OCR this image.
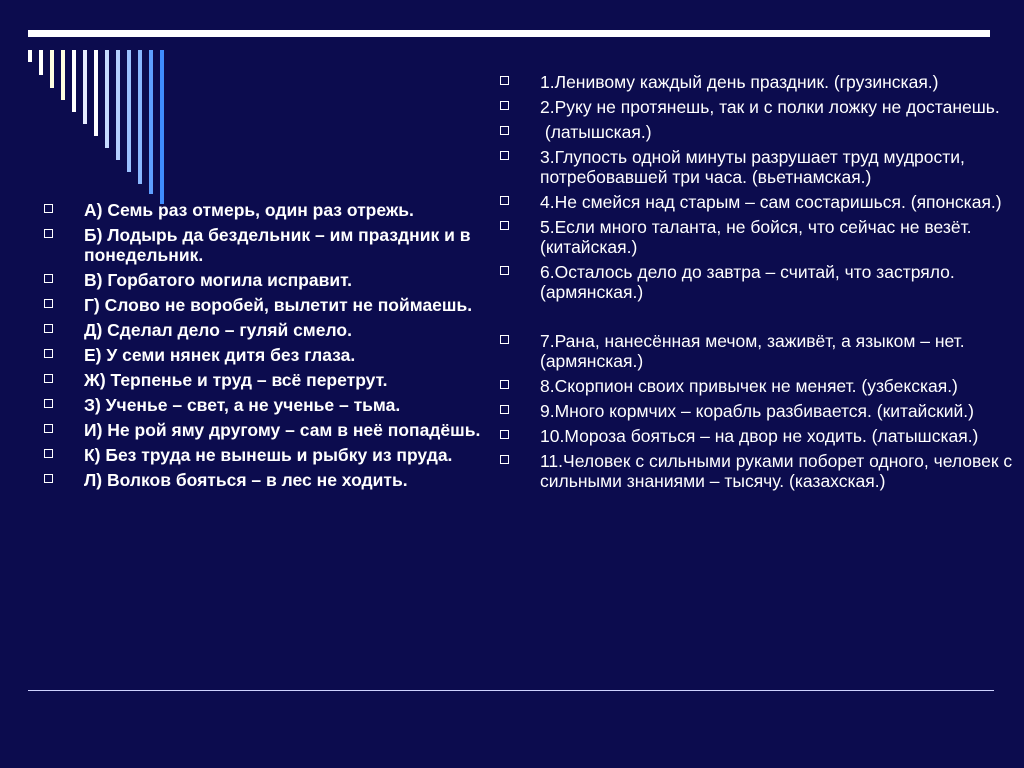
А) Семь раз отмерь, один раз отрежь.
Б) Лодырь да бездельник – им праздник и в понедельник.
В) Горбатого могила исправит.
Г) Слово не воробей, вылетит не поймаешь.
Д) Сделал дело – гуляй смело.
Е) У семи нянек дитя без глаза.
Ж) Терпенье и труд – всё перетрут.
З) Ученье – свет, а не ученье – тьма.
И) Не рой яму другому – сам в неё попадёшь.
К) Без труда не вынешь и рыбку из пруда.
Л) Волков бояться – в лес не ходить.
1.Ленивому каждый день праздник. (грузинская.)
2.Руку не протянешь, так и с полки ложку не достанешь.
(латышская.)
3.Глупость одной минуты разрушает труд мудрости, потребовавшей три часа. (вьетнамская.)
4.Не смейся над старым – сам состаришься. (японская.)
5.Если много таланта, не бойся, что сейчас не везёт. (китайская.)
6.Осталось дело до завтра – считай, что застряло. (армянская.)
7.Рана, нанесённая мечом, заживёт, а языком – нет. (армянская.)
8.Скорпион своих привычек не меняет. (узбекская.)
9.Много кормчих – корабль разбивается. (китайский.)
10.Мороза бояться – на двор не ходить. (латышская.)
11.Человек с сильными руками поборет одного, человек с сильными знаниями – тысячу. (казахская.)
